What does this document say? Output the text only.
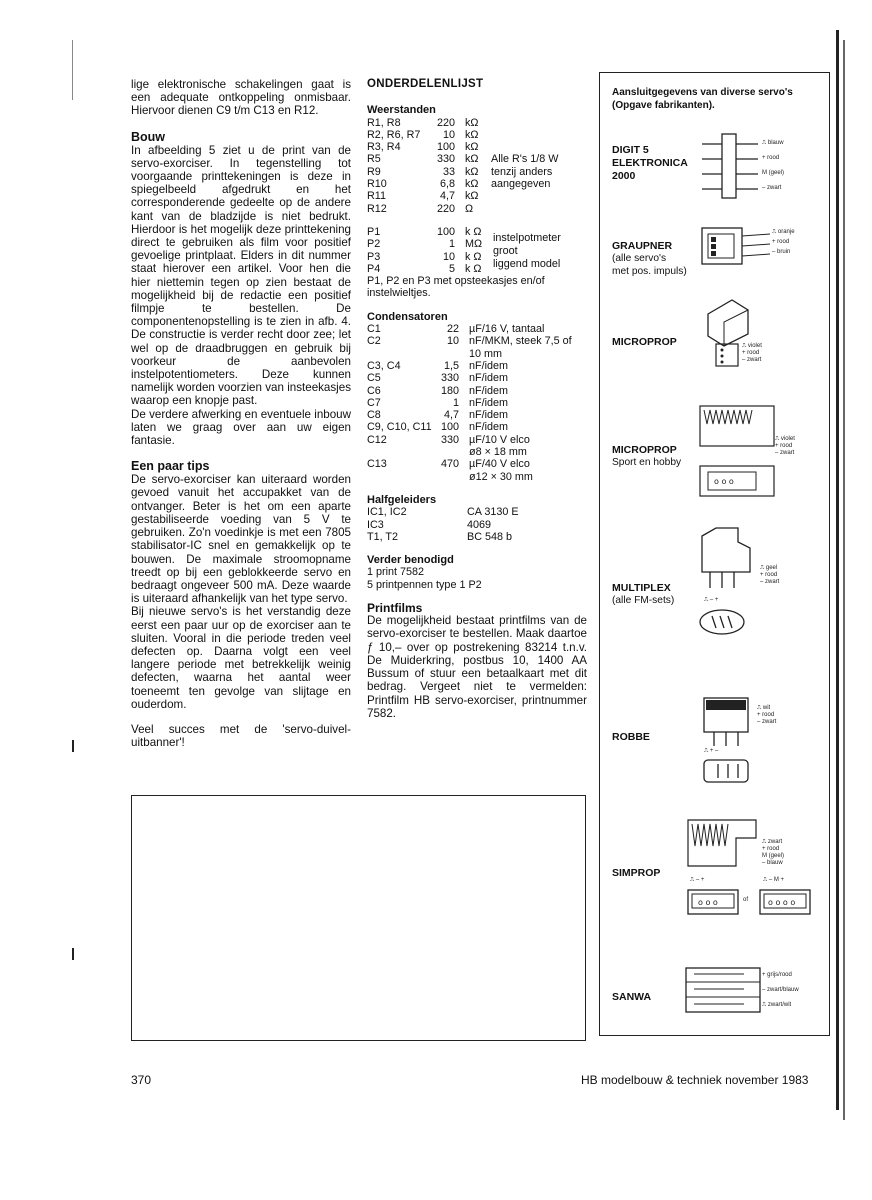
lige elektronische schakelingen gaat is een adequate ontkoppeling onmisbaar. Hiervoor dienen C9 t/m C13 en R12.

Bouw

In afbeelding 5 ziet u de print van de servo-exorciser. In tegenstelling tot voorgaande printtekeningen is deze in spiegelbeeld afgedrukt en het corresponderende gedeelte op de andere kant van de bladzijde is niet bedrukt. Hierdoor is het mogelijk deze printtekening direct te gebruiken als film voor positief gevoelige printplaat. Elders in dit nummer staat hierover een artikel. Voor hen die hier niettemin tegen op zien bestaat de mogelijkheid bij de redactie een positief filmpje te bestellen. De componentenopstelling is te zien in afb. 4. De constructie is verder recht door zee; let wel op de draadbruggen en gebruik bij voorkeur de aanbevolen instelpotentiometers. Deze kunnen namelijk worden voorzien van insteekasjes waarop een knopje past.

De verdere afwerking en eventuele inbouw laten we graag over aan uw eigen fantasie.

Een paar tips

De servo-exorciser kan uiteraard worden gevoed vanuit het accupakket van de ontvanger. Beter is het om een aparte gestabiliseerde voeding van 5 V te gebruiken. Zo'n voedinkje is met een 7805 stabilisator-IC snel en gemakkelijk op te bouwen. De maximale stroomopname treedt op bij een geblokkeerde servo en bedraagt ongeveer 500 mA. Deze waarde is uiteraard afhankelijk van het type servo.

Bij nieuwe servo's is het verstandig deze eerst een paar uur op de exorciser aan te sluiten. Vooral in die periode treden veel defecten op. Daarna volgt een veel langere periode met betrekkelijk weinig defecten, waarna het aantal weer toeneemt ten gevolge van slijtage en ouderdom.

Veel succes met de 'servo-duivel-uitbanner'!

ONDERDELENLIJST
Weerstanden
R1, R8	220 kΩ
R2, R6, R7	10 kΩ
R3, R4	100 kΩ
R5	330 kΩ	Alle R's 1/8 W
R9	33 kΩ	tenzij anders
R10	6,8 kΩ	aangegeven
R11	4,7 kΩ
R12	220 Ω
P1	100 k Ω
P2	1 MΩ
P3	10 k Ω
P4	5 k Ω
instelpotmeter
groot
liggend model
P1, P2 en P3 met opsteekasjes en/of instelwieltjes.
Condensatoren
C1	22 µF/16 V, tantaal
C2	10 nF/MKM, steek 7,5 of
10 mm
C3, C4	1,5 nF/idem
C5	330 nF/idem
C6	180 nF/idem
C7	1 nF/idem
C8	4,7 nF/idem
C9, C10, C11 100 nF/idem
C12	330 µF/10 V elco
ø8 × 18 mm
C13	470 µF/40 V elco
ø12 × 30 mm
Halfgeleiders
IC1, IC2	CA 3130 E
IC3	4069
T1, T2	BC 548 b
Verder benodigd
1 print 7582
5 printpennen type 1 P2
Printfilms

De mogelijkheid bestaat printfilms van de servo-exorciser te bestellen. Maak daartoe ƒ 10,– over op postrekening 83214 t.n.v. De Muiderkring, postbus 10, 1400 AA Bussum of stuur een betaalkaart met dit bedrag. Vergeet niet te vermelden: Printfilm HB servo-exorciser, printnummer 7582.

Aansluitgegevens van diverse servo's (Opgave fabrikanten).
DIGIT 5
ELEKTRONICA
2000
⎍ blauw
+ rood
M (geel)
– zwart
GRAUPNER
(alle servo's
met pos. impuls)
⎍ oranje
+ rood
– bruin
MICROPROP	⎍ violet
+ rood
– zwart
MICROPROP
Sport en hobby
o o o
⎍ violet
+ rood
– zwart
MULTIPLEX
(alle FM-sets)
⎍ geel
+ rood
– zwart
⎍ – +
ROBBE
⎍ wit
+ rood
– zwart
⎍ + –
SIMPROP
⎍ zwart
+ rood
M (geel)
– blauw
⎍ – +	⎍ – M +
o o o	o o o o
of
SANWA
+ grijs/rood
– zwart/blauw
⎍ zwart/wit
370	HB modelbouw & techniek november 1983
